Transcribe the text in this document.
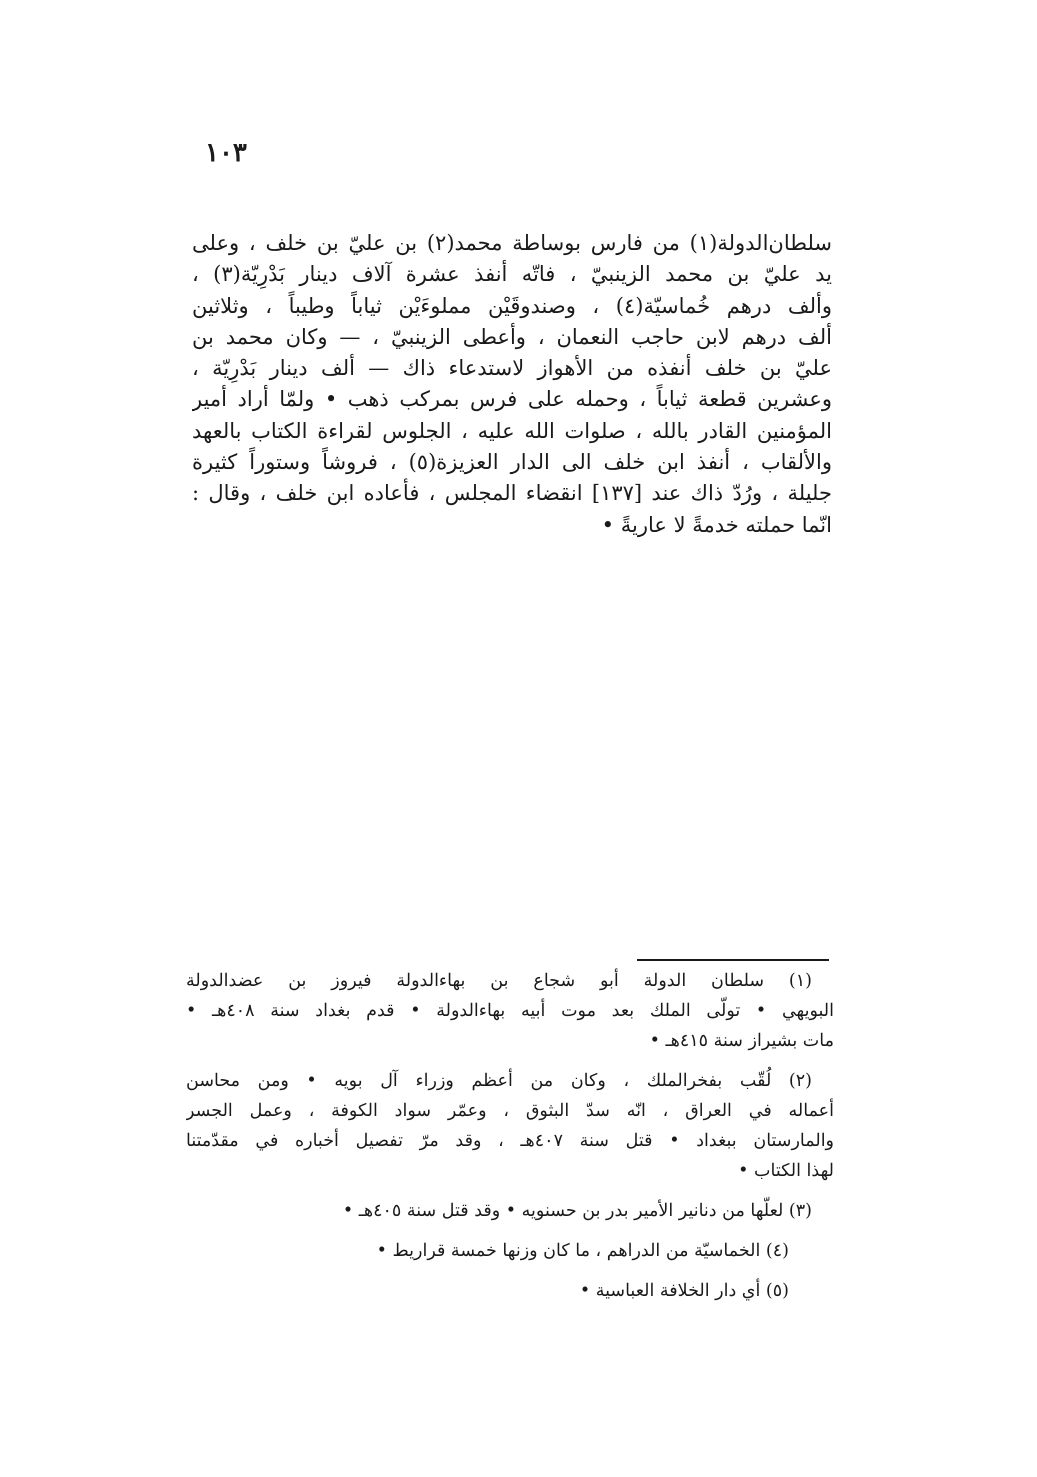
١٠٣
سلطان‌الدولة(١) من فارس بوساطة محمد(٢) بن عليّ بن خلف ، وعلى
يد عليّ بن محمد الزينبيّ ، فاتّه أنفذ عشرة آلاف دينار بَدْرِيّة(٣) ،
وألف درهم خُماسيّة(٤) ، وصندوقَيْن مملوءَيْن ثياباً وطيباً ، وثلاثين
ألف درهم لابن حاجب النعمان ، وأعطى الزينبيّ ، — وكان محمد بن
عليّ بن خلف أنفذه من الأهواز لاستدعاء ذاك — ألف دينار بَدْرِيّة ،
وعشرين قطعة ثياباً ، وحمله على فرس بمركب ذهب • ولمّا أراد أمير
المؤمنين القادر بالله ، صلوات الله عليه ، الجلوس لقراءة الكتاب بالعهد
والألقاب ، أنفذ ابن خلف الى الدار العزيزة(٥) ، فروشاً وستوراً كثيرة
جليلة ، ورُدّ ذاك عند [١٣٧] انقضاء المجلس ، فأعاده ابن خلف ، وقال :
انّما حملته خدمةً لا عاريةً •
(١) سلطان الدولة أبو شجاع بن بهاء‌الدولة فيروز بن عضد‌الدولة
البويهي • تولّى الملك بعد موت أبيه بهاء‌الدولة • قدم بغداد سنة ٤٠٨هـ •
مات بشيراز سنة ٤١٥هـ •
(٢) لُقّب بفخر‌الملك ، وكان من أعظم وزراء آل بويه • ومن محاسن
أعماله في العراق ، انّه سدّ البثوق ، وعمّر سواد الكوفة ، وعمل الجسر
والمارستان ببغداد • قتل سنة ٤٠٧هـ ، وقد مرّ تفصيل أخباره في مقدّمتنا
لهذا الكتاب •
(٣) لعلّها من دنانير الأمير بدر بن حسنويه • وقد قتل سنة ٤٠٥هـ •
(٤) الخماسيّة من الدراهم ، ما كان وزنها خمسة قراريط •
(٥) أي دار الخلافة العباسية •
